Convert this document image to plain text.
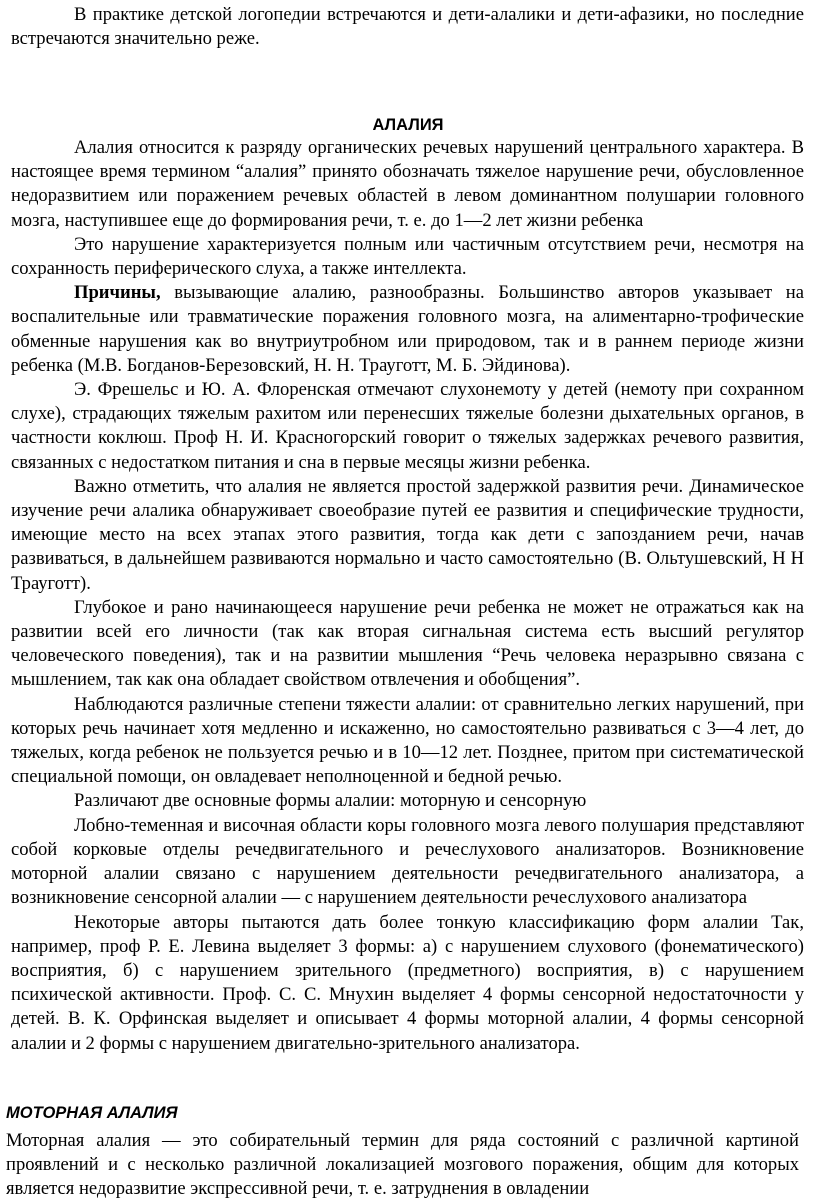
В практике детской логопедии встречаются и дети-алалики и дети-афазики, но последние встречаются значительно реже.

АЛАЛИЯ

Алалия относится к разряду органических речевых нарушений центрального характера. В настоящее время термином “алалия” принято обозначать тяжелое нарушение речи, обусловленное недоразвитием или поражением речевых областей в левом доминантном полушарии головного мозга, наступившее еще до формирования речи, т. е. до 1—2 лет жизни ребенка

Это нарушение характеризуется полным или частичным отсутствием речи, несмотря на сохранность периферического слуха, а также интеллекта.

Причины, вызывающие алалию, разнообразны. Большинство авторов указывает на воспалительные или травматические поражения головного мозга, на алиментарно-трофические обменные нарушения как во внутриутробном или природовом, так и в раннем периоде жизни ребенка (М.В. Богданов-Березовский, Н. Н. Трауготт, М. Б. Эйдинова).

Э. Фрешельс и Ю. А. Флоренская отмечают слухонемоту у детей (немоту при сохранном слухе), страдающих тяжелым рахитом или перенесших тяжелые болезни дыхательных органов, в частности коклюш. Проф Н. И. Красногорский говорит о тяжелых задержках речевого развития, связанных с недостатком питания и сна в первые месяцы жизни ребенка.

Важно отметить, что алалия не является простой задержкой развития речи. Динамическое изучение речи алалика обнаруживает своеобразие путей ее развития и специфические трудности, имеющие место на всех этапах этого развития, тогда как дети с запозданием речи, начав развиваться, в дальнейшем развиваются нормально и часто самостоятельно (В. Ольтушевский, Н Н Трауготт).

Глубокое и рано начинающееся нарушение речи ребенка не может не отражаться как на развитии всей его личности (так как вторая сигнальная система есть высший регулятор человеческого поведения), так и на развитии мышления “Речь человека неразрывно связана с мышлением, так как она обладает свойством отвлечения и обобщения”.

Наблюдаются различные степени тяжести алалии: от сравнительно легких нарушений, при которых речь начинает хотя медленно и искаженно, но самостоятельно развиваться с 3—4 лет, до тяжелых, когда ребенок не пользуется речью и в 10—12 лет. Позднее, притом при систематической специальной помощи, он овладевает неполноценной и бедной речью.

Различают две основные формы алалии: моторную и сенсорную

Лобно-теменная и височная области коры головного мозга левого полушария представляют собой корковые отделы речедвигательного и речеслухового анализаторов. Возникновение моторной алалии связано с нарушением деятельности речедвигательного анализатора, а возникновение сенсорной алалии — с нарушением деятельности речеслухового анализатора

Некоторые авторы пытаются дать более тонкую классификацию форм алалии Так, например, проф Р. Е. Левина выделяет 3 формы: а) с нарушением слухового (фонематического) восприятия, б) с нарушением зрительного (предметного) восприятия, в) с нарушением психической активности. Проф. С. С. Мнухин выделяет 4 формы сенсорной недостаточности у детей. В. К. Орфинская выделяет и описывает 4 формы моторной алалии, 4 формы сенсорной алалии и 2 формы с нарушением двигательно-зрительного анализатора.

МОТОРНАЯ АЛАЛИЯ

Моторная алалия — это собирательный термин для ряда состояний с различной картиной проявлений и с несколько различной локализацией мозгового поражения, общим для которых является недоразвитие экспрессивной речи, т. е. затруднения в овладении
